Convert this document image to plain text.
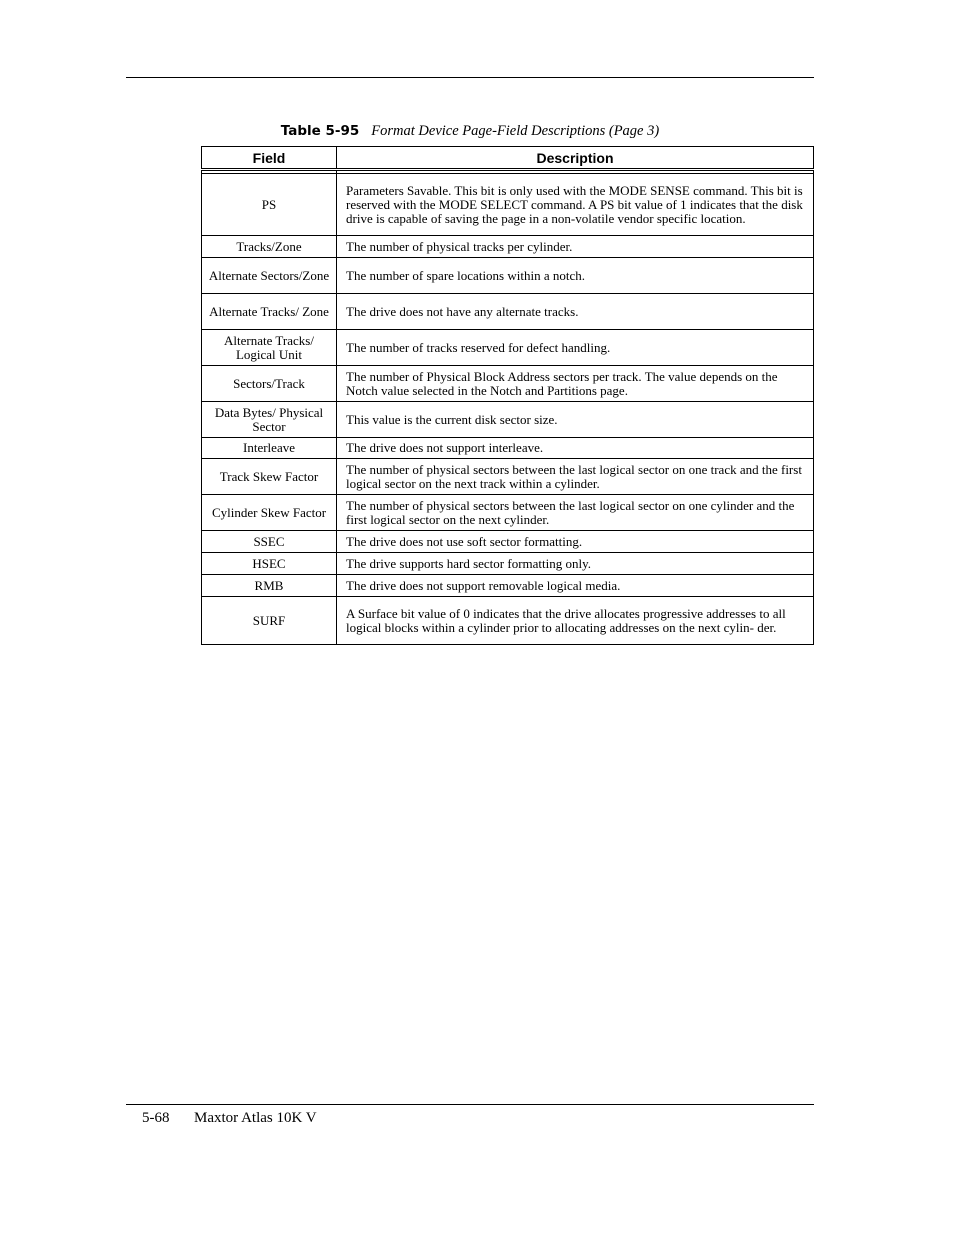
Table 5-95 Format Device Page-Field Descriptions (Page 3)
Field	Description

PS	Parameters Savable. This bit is only used with the MODE SENSE command. This bit is reserved with the MODE SELECT command. A PS bit value of 1 indicates that the disk drive is capable of saving the page in a non-volatile vendor specific location.
Tracks/Zone	The number of physical tracks per cylinder.
Alternate Sectors/Zone	The number of spare locations within a notch.
Alternate Tracks/ Zone	The drive does not have any alternate tracks.
Alternate Tracks/ Logical Unit	The number of tracks reserved for defect handling.
Sectors/Track	The number of Physical Block Address sectors per track. The value depends on the Notch value selected in the Notch and Partitions page.
Data Bytes/ Physical Sector	This value is the current disk sector size.
Interleave	The drive does not support interleave.
Track Skew Factor	The number of physical sectors between the last logical sector on one track and the first logical sector on the next track within a cylinder.
Cylinder Skew Factor	The number of physical sectors between the last logical sector on one cylinder and the first logical sector on the next cylinder.
SSEC	The drive does not use soft sector formatting.
HSEC	The drive supports hard sector formatting only.
RMB	The drive does not support removable logical media.
SURF	A Surface bit value of 0 indicates that the drive allocates progressive addresses to all logical blocks within a cylinder prior to allocating addresses on the next cylin- der.
5-68 Maxtor Atlas 10K V
